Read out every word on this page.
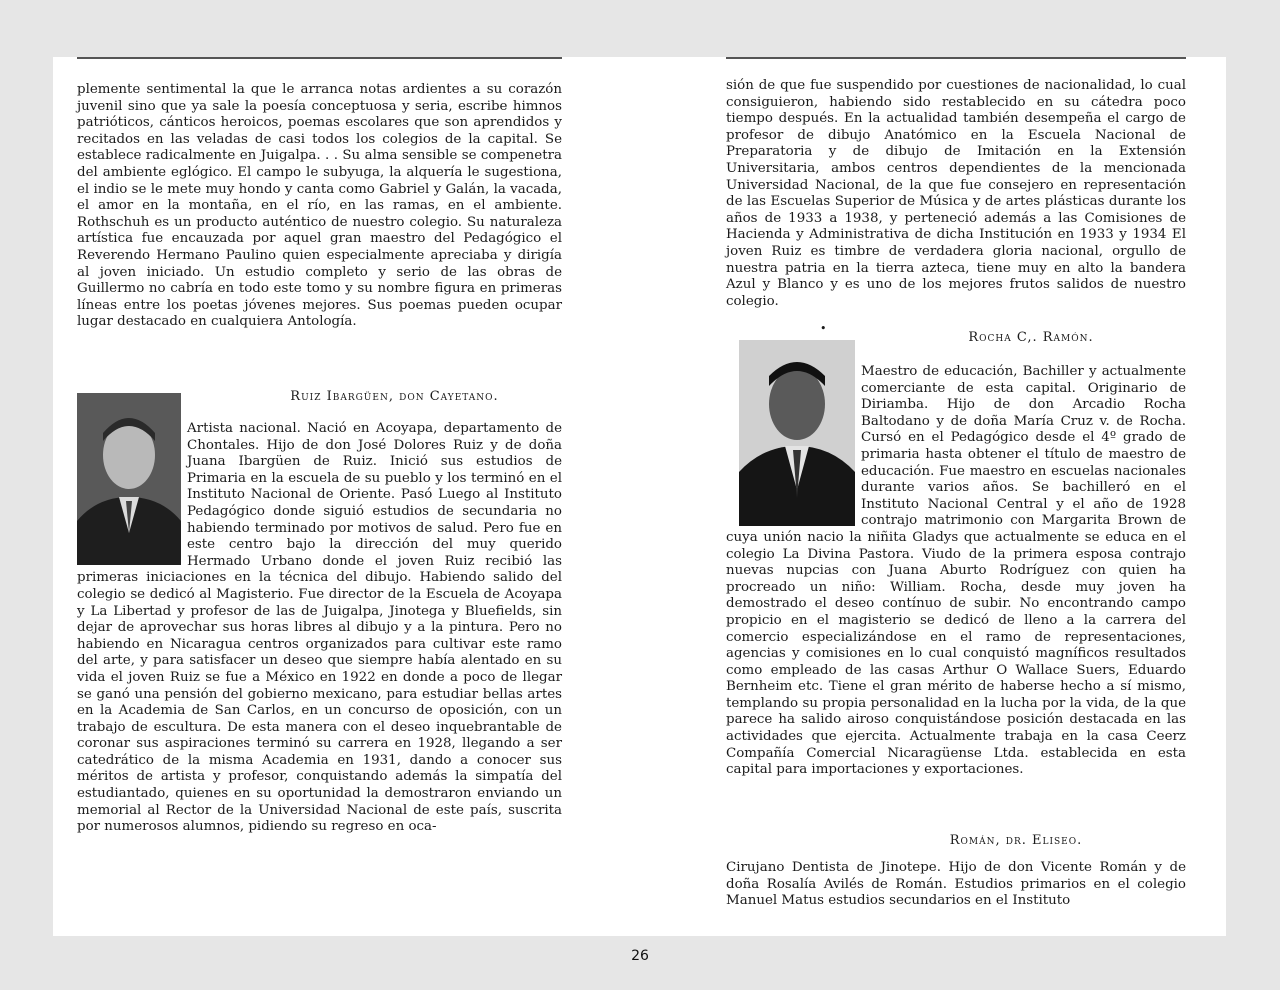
plemente sentimental la que le arranca notas ardientes a su corazón juvenil sino que ya sale la poesía conceptuosa y seria, escribe himnos patrióticos, cánticos heroicos, poemas escolares que son aprendidos y recitados en las veladas de casi todos los colegios de la capital. Se establece radicalmente en Juigalpa. . . Su alma sensible se compenetra del ambiente eglógico. El campo le subyuga, la alquería le sugestiona, el indio se le mete muy hondo y canta como Gabriel y Galán, la vacada, el amor en la montaña, en el río, en las ramas, en el ambiente. Rothschuh es un producto auténtico de nuestro colegio. Su naturaleza artística fue encauzada por aquel gran maestro del Pedagógico el Reverendo Hermano Paulino quien especialmente apreciaba y dirigía al joven iniciado. Un estudio completo y serio de las obras de Guillermo no cabría en todo este tomo y su nombre figura en primeras líneas entre los poetas jóvenes mejores. Sus poemas pueden ocupar lugar destacado en cualquiera Antología.

Ruiz Ibargüen, don Cayetano.

Artista nacional. Nació en Acoyapa, departamento de Chontales. Hijo de don José Dolores Ruiz y de doña Juana Ibargüen de Ruiz. Inició sus estudios de Primaria en la escuela de su pueblo y los terminó en el Instituto Nacional de Oriente. Pasó Luego al Instituto Pedagógico donde siguió estudios de secundaria no habiendo terminado por motivos de salud. Pero fue en este centro bajo la dirección del muy querido Hermado Urbano donde el joven Ruiz recibió las primeras iniciaciones en la técnica del dibujo. Habiendo salido del colegio se dedicó al Magisterio. Fue director de la Escuela de Acoyapa y La Libertad y profesor de las de Juigalpa, Jinotega y Bluefields, sin dejar de aprovechar sus horas libres al dibujo y a la pintura. Pero no habiendo en Nicaragua centros organizados para cultivar este ramo del arte, y para satisfacer un deseo que siempre había alentado en su vida el joven Ruiz se fue a México en 1922 en donde a poco de llegar se ganó una pensión del gobierno mexicano, para estudiar bellas artes en la Academia de San Carlos, en un concurso de oposición, con un trabajo de escultura. De esta manera con el deseo inquebrantable de coronar sus aspiraciones terminó su carrera en 1928, llegando a ser catedrático de la misma Academia en 1931, dando a conocer sus méritos de artista y profesor, conquistando además la simpatía del estudiantado, quienes en su oportunidad la demostraron enviando un memorial al Rector de la Universidad Nacional de este país, suscrita por numerosos alumnos, pidiendo su regreso en oca-

sión de que fue suspendido por cuestiones de nacionalidad, lo cual consiguieron, habiendo sido restablecido en su cátedra poco tiempo después. En la actualidad también desempeña el cargo de profesor de dibujo Anatómico en la Escuela Nacional de Preparatoria y de dibujo de Imitación en la Extensión Universitaria, ambos centros dependientes de la mencionada Universidad Nacional, de la que fue consejero en representación de las Escuelas Superior de Música y de artes plásticas durante los años de 1933 a 1938, y perteneció además a las Comisiones de Hacienda y Administrativa de dicha Institución en 1933 y 1934 El joven Ruiz es timbre de verdadera gloria nacional, orgullo de nuestra patria en la tierra azteca, tiene muy en alto la bandera Azul y Blanco y es uno de los mejores frutos salidos de nuestro colegio.

•
Rocha C,. Ramón.

Maestro de educación, Bachiller y actualmente comerciante de esta capital. Originario de Diriamba. Hijo de don Arcadio Rocha Baltodano y de doña María Cruz v. de Rocha. Cursó en el Pedagógico desde el 4º grado de primaria hasta obtener el título de maestro de educación. Fue maestro en escuelas nacionales durante varios años. Se bachilleró en el Instituto Nacional Central y el año de 1928 contrajo matrimonio con Margarita Brown de cuya unión nacio la niñita Gladys que actualmente se educa en el colegio La Divina Pastora. Viudo de la primera esposa contrajo nuevas nupcias con Juana Aburto Rodríguez con quien ha procreado un niño: William. Rocha, desde muy joven ha demostrado el deseo contínuo de subir. No encontrando campo propicio en el magisterio se dedicó de lleno a la carrera del comercio especializándose en el ramo de representaciones, agencias y comisiones en lo cual conquistó magníficos resultados como empleado de las casas Arthur O Wallace Suers, Eduardo Bernheim etc. Tiene el gran mérito de haberse hecho a sí mismo, templando su propia personalidad en la lucha por la vida, de la que parece ha salido airoso conquistándose posición destacada en las actividades que ejercita. Actualmente trabaja en la casa Ceerz Compañía Comercial Nicaragüense Ltda. establecida en esta capital para importaciones y exportaciones.

Román, dr. Eliseo.

Cirujano Dentista de Jinotepe. Hijo de don Vicente Román y de doña Rosalía Avilés de Román. Estudios primarios en el colegio Manuel Matus estudios secundarios en el Instituto

26
